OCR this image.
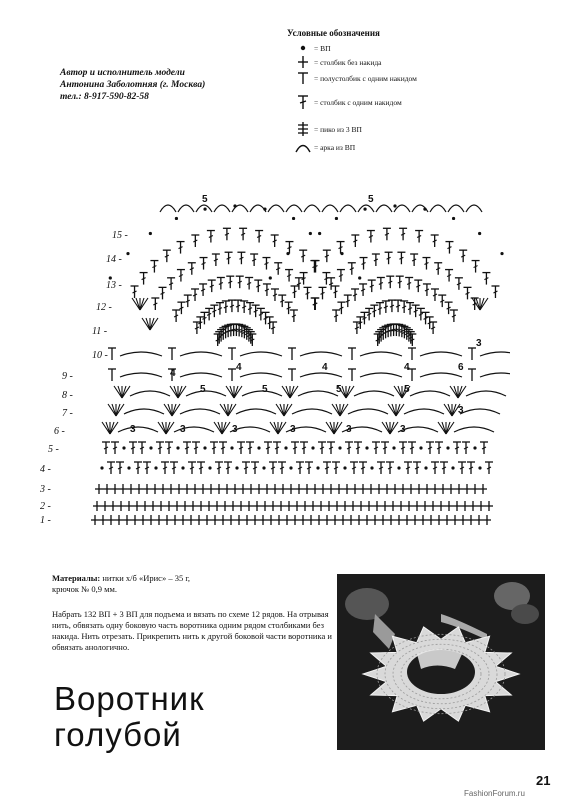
Условные обозначения
= ВП
= столбик без накида
= полустолбик с одним накидом
= столбик с одним накидом
= пико из 3 ВП
= арка из ВП
Автор и исполнитель модели
Антонина Заболотняя (г. Москва)
тел.: 8-917-590-82-58
1 -
2 -
3 -
4 -
5 -
6 -
7 -
8 -
9 -
10 -
11 -
12 -
13 -
14 -
15 -
5	5
3	3	3	3	3	3
4
4	4	4	6
5	5	5	5
3
3
Материалы: нитки х/б «Ирис» – 35 г,
крючок № 0,9 мм.
Набрать 132 ВП + 3 ВП для подъема и вязать по схеме 12 рядов. На отрывая нить, обвязать одну боковую часть воротника одним рядом столбиками без накида. Нить отрезать. Прикрепить нить к другой боковой части воротника и обвязать анологично.
Воротник
голубой
21
FashionForum.ru
